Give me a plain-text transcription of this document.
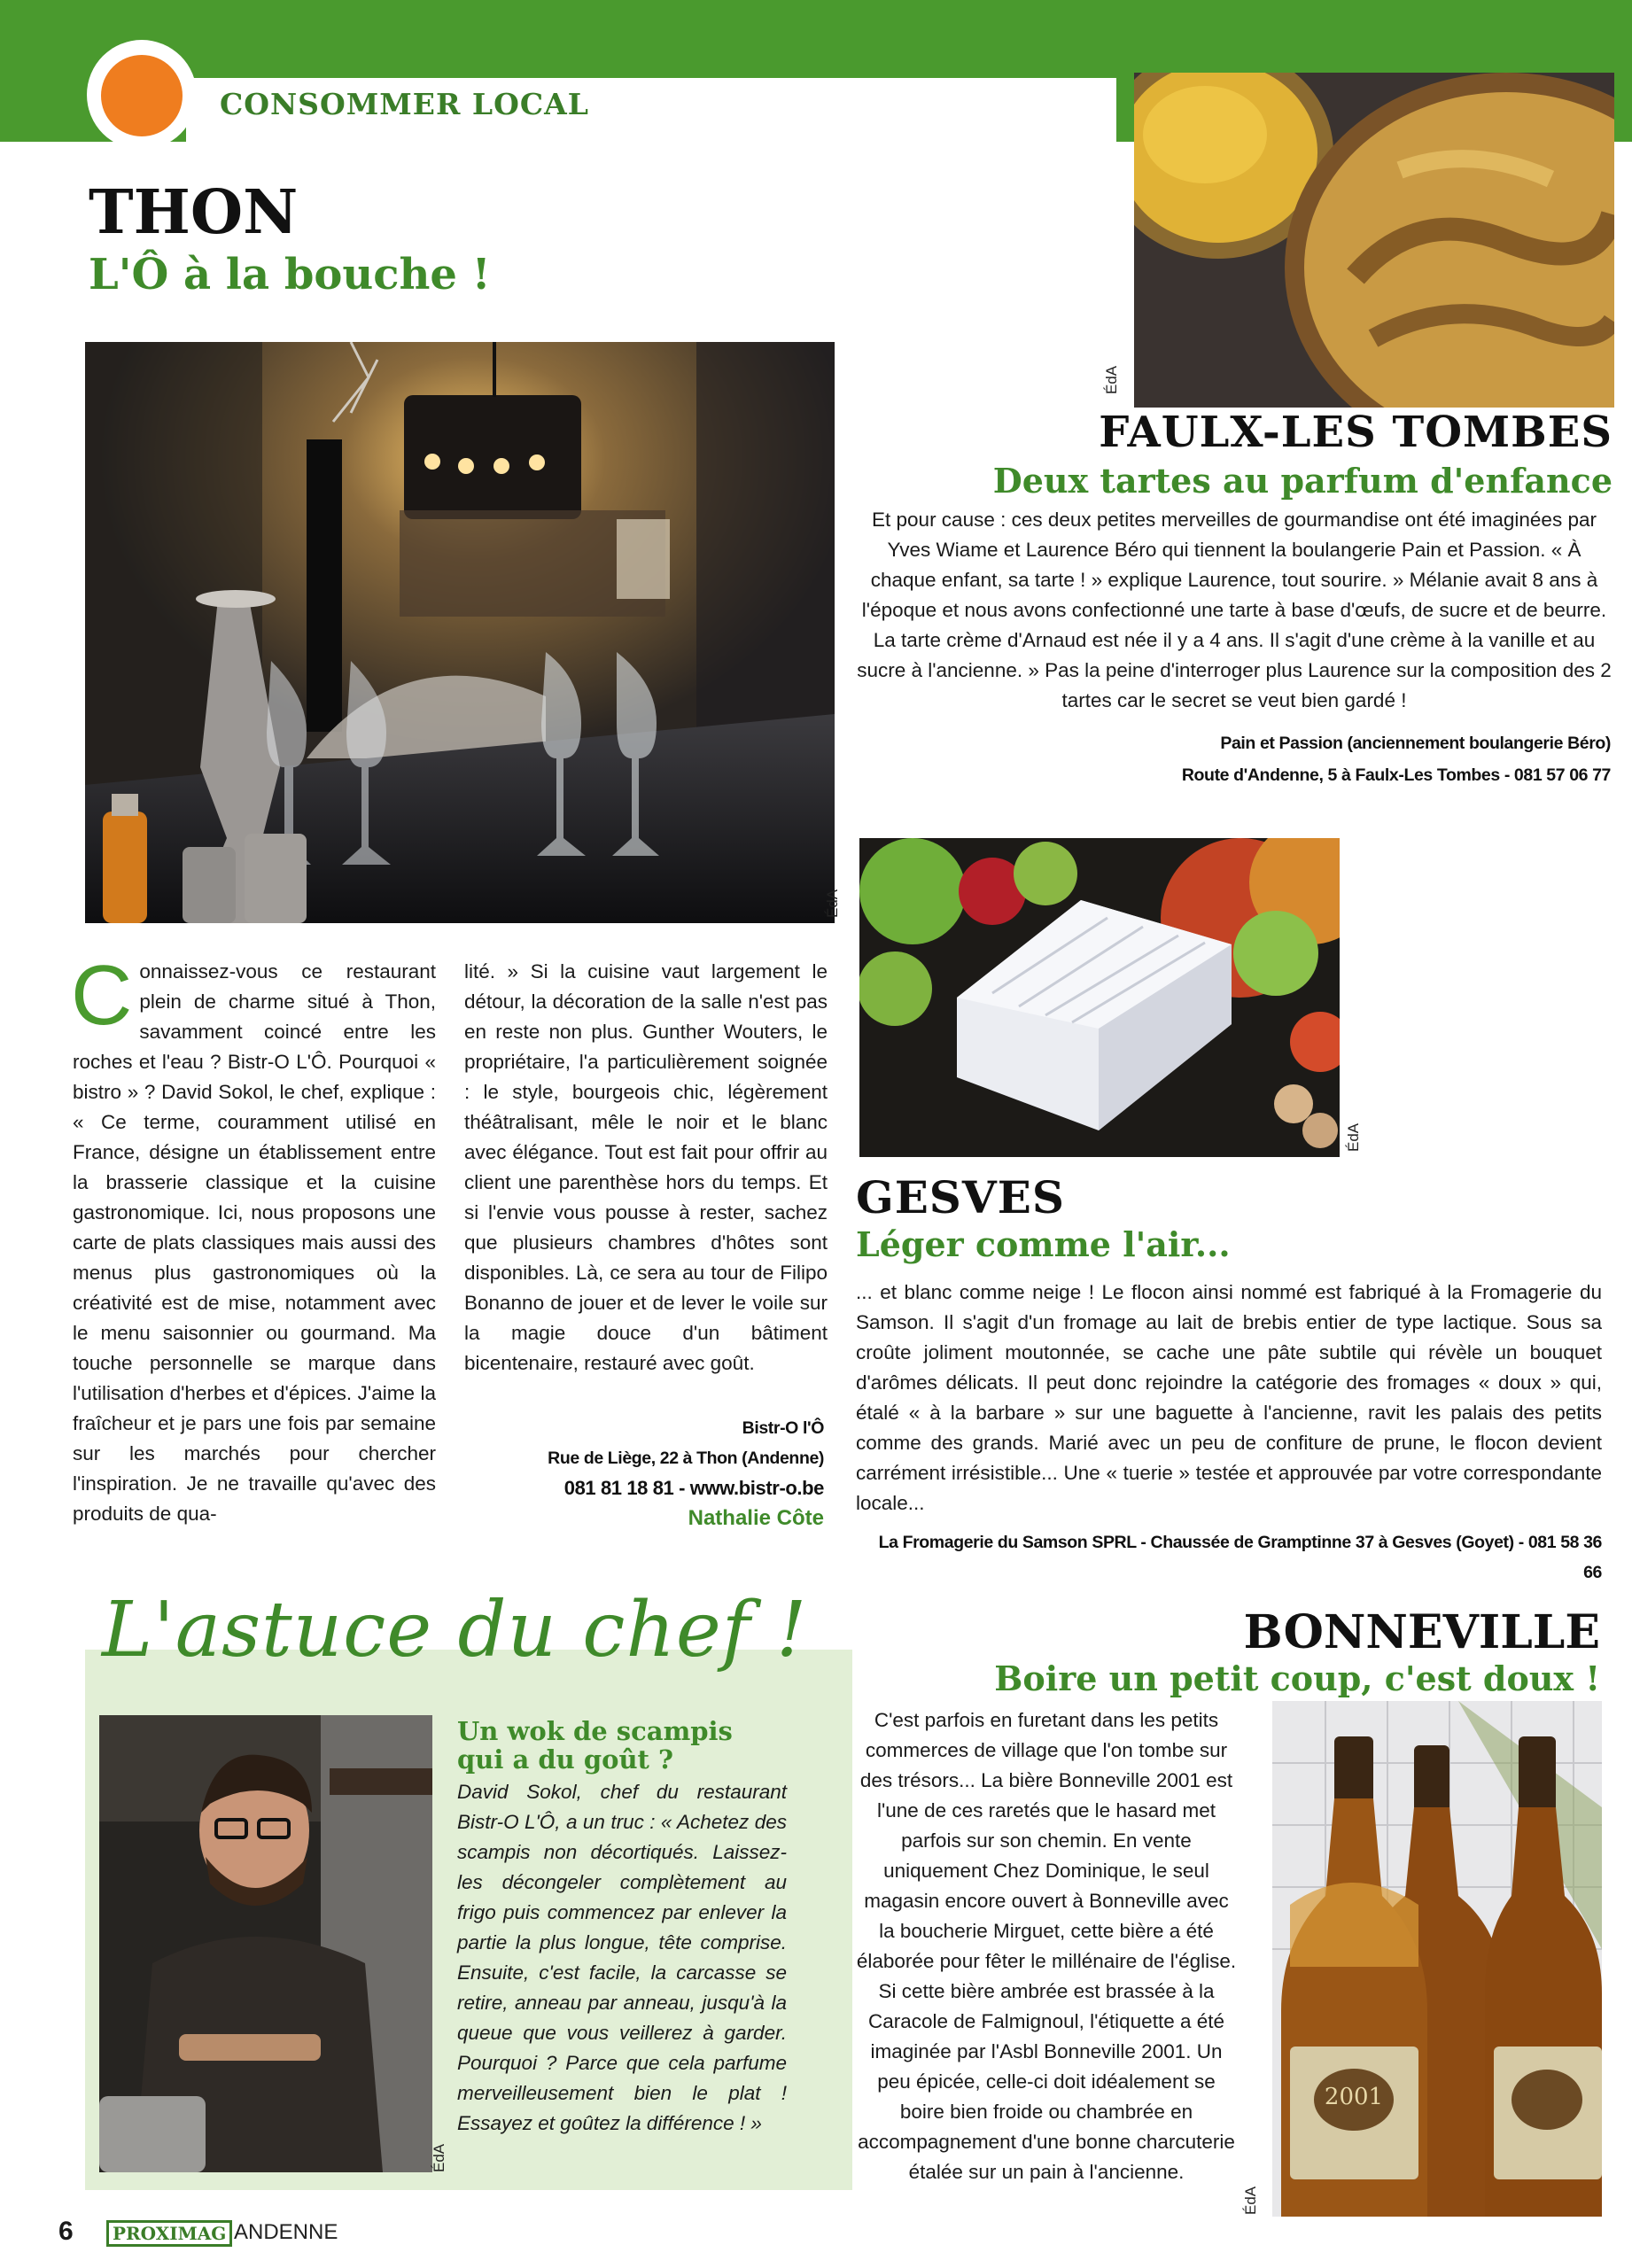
CONSOMMER LOCAL
THON
L'Ô à la bouche !
ÉdA
Connaissez-vous ce restaurant plein de charme situé à Thon, savamment coincé entre les roches et l'eau ? Bistr-O L'Ô. Pourquoi « bistro » ? David Sokol, le chef, explique : « Ce terme, couramment utilisé en France, désigne un établissement entre la brasserie classique et la cuisine gastronomique. Ici, nous proposons une carte de plats classiques mais aussi des menus plus gastronomiques où la créativité est de mise, notamment avec le menu saisonnier ou gourmand. Ma touche personnelle se marque dans l'utilisation d'herbes et d'épices. J'aime la fraîcheur et je pars une fois par semaine sur les marchés pour chercher l'inspiration. Je ne travaille qu'avec des produits de qua-
lité. » Si la cuisine vaut largement le détour, la décoration de la salle n'est pas en reste non plus. Gunther Wouters, le propriétaire, l'a particulièrement soignée : le style, bourgeois chic, légèrement théâtralisant, mêle le noir et le blanc avec élégance. Tout est fait pour offrir au client une parenthèse hors du temps. Et si l'envie vous pousse à rester, sachez que plusieurs chambres d'hôtes sont disponibles. Là, ce sera au tour de Filipo Bonanno de jouer et de lever le voile sur la magie douce d'un bâtiment bicentenaire, restauré avec goût.
Bistr-O l'Ô
Rue de Liège, 22 à Thon (Andenne)
081 81 18 81 - www.bistr-o.be
Nathalie Côte
ÉdA
FAULX-LES TOMBES
Deux tartes au parfum d'enfance
Et pour cause : ces deux petites merveilles de gourmandise ont été imaginées par Yves Wiame et Laurence Béro qui tiennent la boulangerie Pain et Passion. « À chaque enfant, sa tarte ! » explique Laurence, tout sourire. » Mélanie avait 8 ans à l'époque et nous avons confectionné une tarte à base d'œufs, de sucre et de beurre. La tarte crème d'Arnaud est née il y a 4 ans. Il s'agit d'une crème à la vanille et au sucre à l'ancienne. » Pas la peine d'interroger plus Laurence sur la composition des 2 tartes car le secret se veut bien gardé !
Pain et Passion (anciennement boulangerie Béro)
Route d'Andenne, 5 à Faulx-Les Tombes - 081 57 06 77
ÉdA
GESVES
Léger comme l'air...
... et blanc comme neige ! Le flocon ainsi nommé est fabriqué à la Fromagerie du Samson. Il s'agit d'un fromage au lait de brebis entier de type lactique. Sous sa croûte joliment moutonnée, se cache une pâte subtile qui révèle un bouquet d'arômes délicats. Il peut donc rejoindre la catégorie des fromages « doux » qui, étalé « à la barbare » sur une baguette à l'ancienne, ravit les palais des petits comme des grands. Marié avec un peu de confiture de prune, le flocon devient carrément irrésistible... Une « tuerie » testée et approuvée par votre correspondante locale...
La Fromagerie du Samson SPRL - Chaussée de Gramptinne 37 à Gesves (Goyet) - 081 58 36 66
L'astuce du chef !
ÉdA
Un wok de scampis
qui a du goût ?
David Sokol, chef du restaurant Bistr-O L'Ô, a un truc : « Achetez des scampis non décortiqués. Laissez-les décongeler complètement au frigo puis commencez par enlever la partie la plus longue, tête comprise. Ensuite, c'est facile, la carcasse se retire, anneau par anneau, jusqu'à la queue que vous veillerez à garder. Pourquoi ? Parce que cela parfume merveilleusement bien le plat ! Essayez et goûtez la différence ! »
BONNEVILLE
Boire un petit coup, c'est doux !
C'est parfois en furetant dans les petits commerces de village que l'on tombe sur des trésors... La bière Bonneville 2001 est l'une de ces raretés que le hasard met parfois sur son chemin. En vente uniquement Chez Dominique, le seul magasin encore ouvert à Bonneville avec la boucherie Mirguet, cette bière a été élaborée pour fêter le millénaire de l'église. Si cette bière ambrée est brassée à la Caracole de Falmignoul, l'étiquette a été imaginée par l'Asbl Bonneville 2001. Un peu épicée, celle-ci doit idéalement se boire bien froide ou chambrée en accompagnement d'une bonne charcuterie étalée sur un pain à l'ancienne.
2001
ÉdA
6	PROXIMAG ANDENNE
